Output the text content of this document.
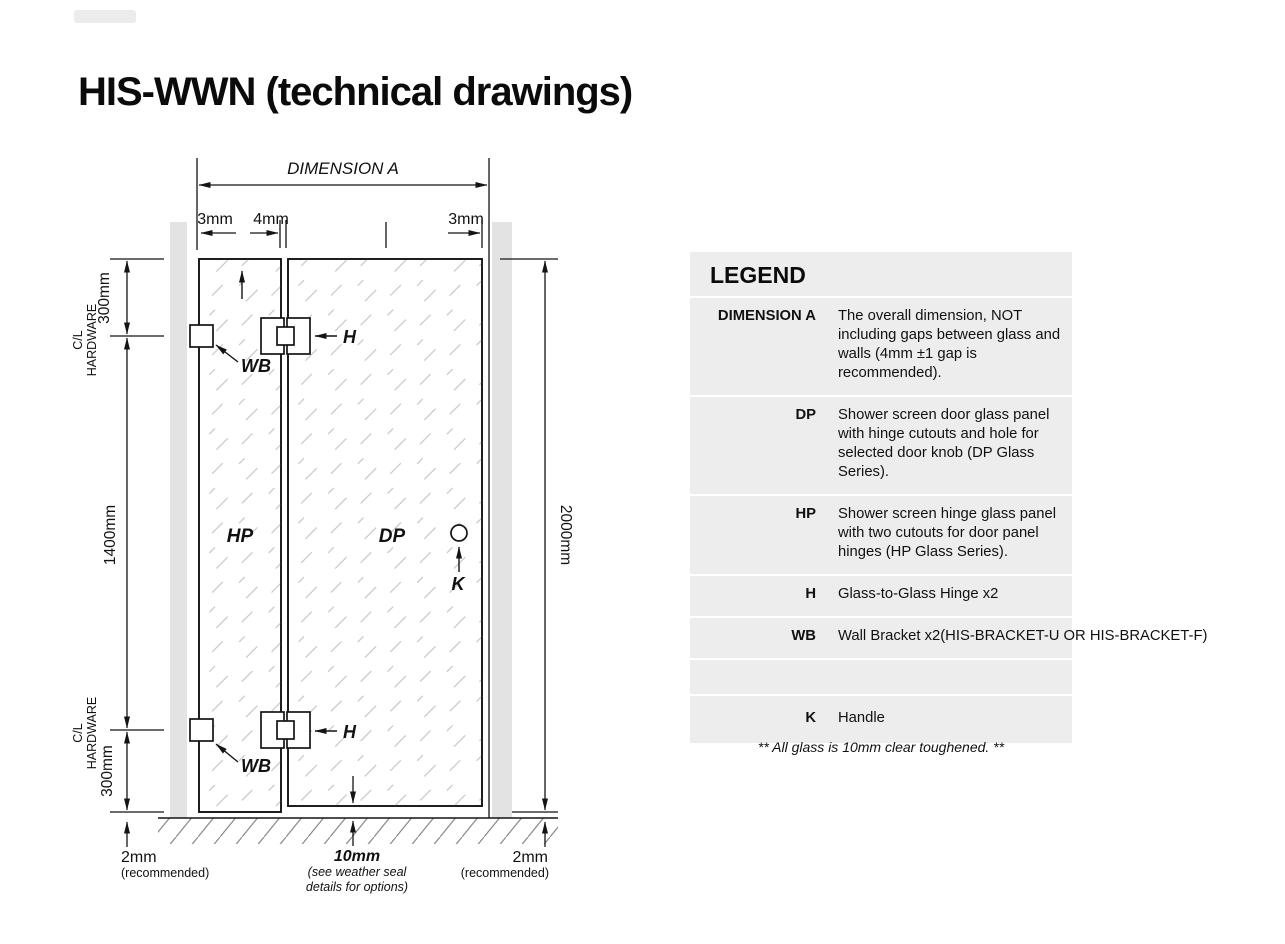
HIS-WWN (technical drawings)
DIMENSION A
3mm 4mm	3mm
300mm
C/L HARDWARE
1400mm
C/L HARDWARE
300mm
2000mm
WB
WB
H
H
K
HP	DP
2mm
(recommended)
10mm
(see weather seal
details for options)
2mm
(recommended)
LEGEND
DIMENSION A The overall dimension, NOT including gaps between glass and walls (4mm ±1 gap is recommended).
DP Shower screen door glass panel with hinge cutouts and hole for selected door knob (DP Glass Series).
HP Shower screen hinge glass panel with two cutouts for door panel hinges (HP Glass Series).
H Glass-to-Glass Hinge x2
WB Wall Bracket x2(HIS-BRACKET-U OR HIS-BRACKET-F)
K Handle
** All glass is 10mm clear toughened. **
